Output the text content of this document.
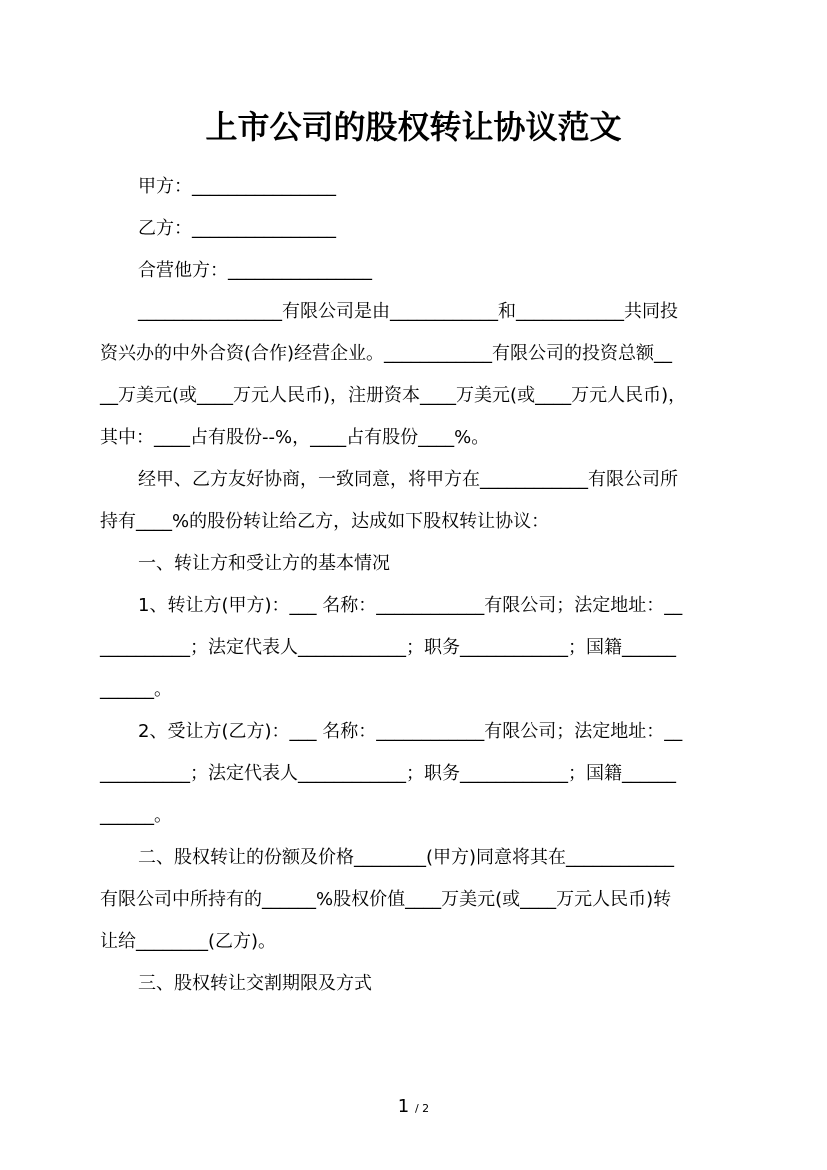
上市公司的股权转让协议范文
甲方：________________
乙方：________________
合营他方：________________
________________有限公司是由____________和____________共同投
资兴办的中外合资(合作)经营企业。____________有限公司的投资总额__
__万美元(或____万元人民币)，注册资本____万美元(或____万元人民币)，
其中：____占有股份--%，____占有股份____%。
经甲、乙方友好协商，一致同意，将甲方在____________有限公司所
持有____%的股份转让给乙方，达成如下股权转让协议：
一、转让方和受让方的基本情况
1、转让方(甲方)：___ 名称：____________有限公司；法定地址：__
__________；法定代表人____________；职务____________；国籍______
______。
2、受让方(乙方)：___ 名称：____________有限公司；法定地址：__
__________；法定代表人____________；职务____________；国籍______
______。
二、股权转让的份额及价格________(甲方)同意将其在____________
有限公司中所持有的______%股权价值____万美元(或____万元人民币)转
让给________(乙方)。
三、股权转让交割期限及方式
1 / 2
